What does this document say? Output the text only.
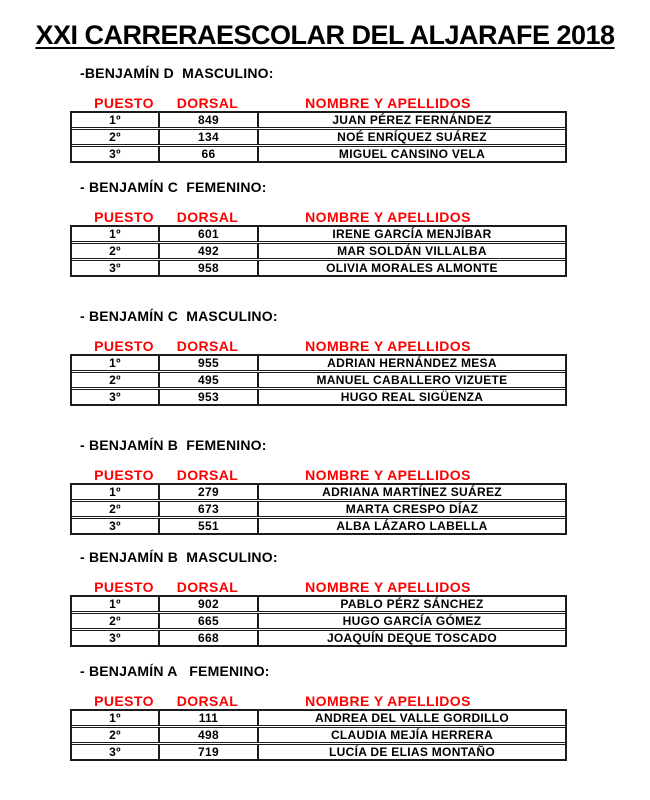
XXI CARRERAESCOLAR DEL ALJARAFE 2018
-BENJAMÍN D  MASCULINO:
PUESTO	DORSAL	NOMBRE Y APELLIDOS
1º	849	JUAN PÉREZ FERNÁNDEZ
2º	134	NOÉ ENRÍQUEZ SUÁREZ
3º	66	MIGUEL CANSINO VELA
- BENJAMÍN C  FEMENINO:
PUESTO	DORSAL	NOMBRE Y APELLIDOS
1º	601	IRENE GARCÍA MENJÍBAR
2º	492	MAR SOLDÁN VILLALBA
3º	958	OLIVIA MORALES ALMONTE
- BENJAMÍN C  MASCULINO:
PUESTO	DORSAL	NOMBRE Y APELLIDOS
1º	955	ADRIAN HERNÁNDEZ MESA
2º	495	MANUEL CABALLERO VIZUETE
3º	953	HUGO REAL SIGÜENZA
- BENJAMÍN B  FEMENINO:
PUESTO	DORSAL	NOMBRE Y APELLIDOS
1º	279	ADRIANA MARTÍNEZ SUÁREZ
2º	673	MARTA CRESPO DÍAZ
3º	551	ALBA LÁZARO LABELLA
- BENJAMÍN B  MASCULINO:
PUESTO	DORSAL	NOMBRE Y APELLIDOS
1º	902	PABLO PÉRZ SÁNCHEZ
2º	665	HUGO GARCÍA GÓMEZ
3º	668	JOAQUÍN DEQUE TOSCADO
- BENJAMÍN A   FEMENINO:
PUESTO	DORSAL	NOMBRE Y APELLIDOS
1º	111	ANDREA DEL VALLE GORDILLO
2º	498	CLAUDIA MEJÍA HERRERA
3º	719	LUCÍA DE ELIAS MONTAÑO
